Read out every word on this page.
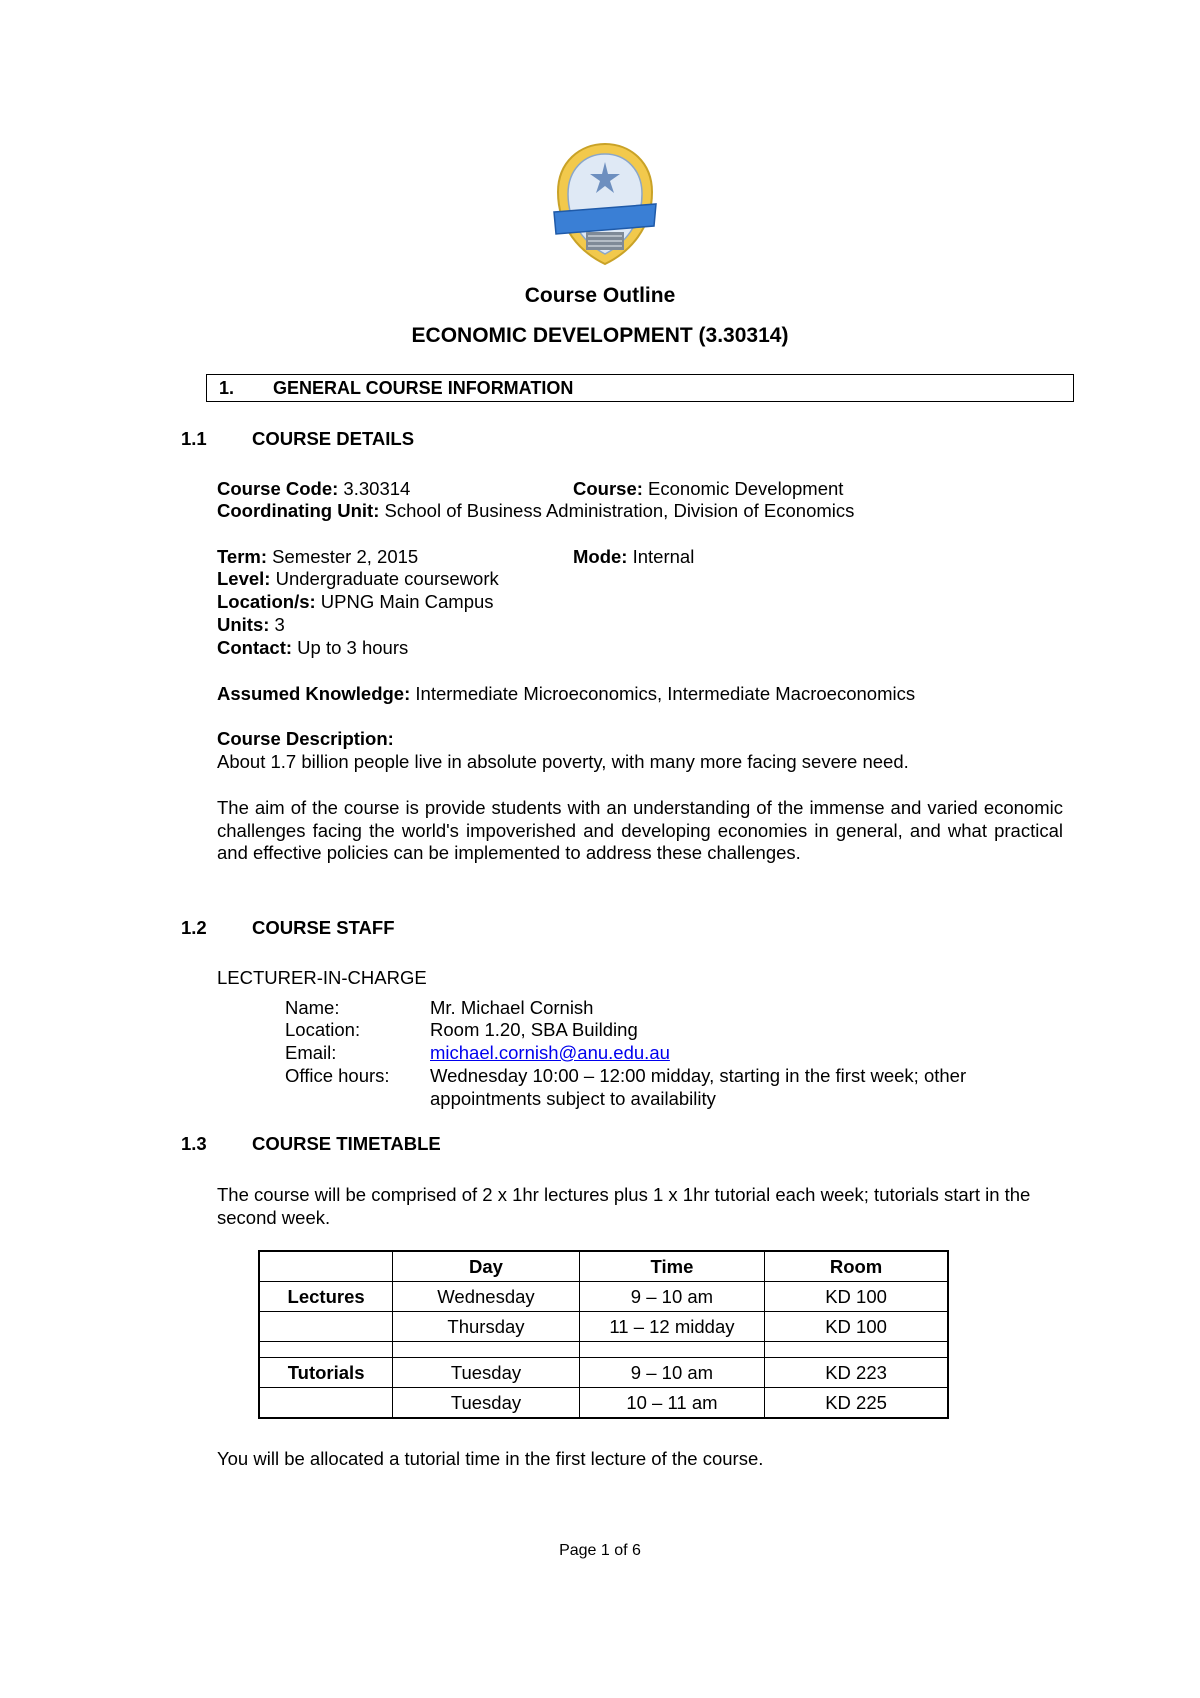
Course Outline
ECONOMIC DEVELOPMENT (3.30314)
1. GENERAL COURSE INFORMATION
1.1 COURSE DETAILS
Course Code: 3.30314	Course: Economic Development
Coordinating Unit: School of Business Administration, Division of Economics
Term: Semester 2, 2015	Mode: Internal
Level: Undergraduate coursework
Location/s: UPNG Main Campus
Units: 3
Contact: Up to 3 hours
Assumed Knowledge: Intermediate Microeconomics, Intermediate Macroeconomics
Course Description:
About 1.7 billion people live in absolute poverty, with many more facing severe need.
The aim of the course is provide students with an understanding of the immense and varied economic challenges facing the world's impoverished and developing economies in general, and what practical and effective policies can be implemented to address these challenges.
1.2 COURSE STAFF
LECTURER-IN-CHARGE
Name:	Mr. Michael Cornish
Location:	Room 1.20, SBA Building
Email:	michael.cornish@anu.edu.au
Office hours: Wednesday 10:00 – 12:00 midday, starting in the first week; other
appointments subject to availability
1.3 COURSE TIMETABLE
The course will be comprised of 2 x 1hr lectures plus 1 x 1hr tutorial each week; tutorials start in the second week.
	Day	Time	Room
Lectures	Wednesday	9 – 10 am	KD 100
	Thursday	11 – 12 midday	KD 100

Tutorials	Tuesday	9 – 10 am	KD 223
	Tuesday	10 – 11 am	KD 225
You will be allocated a tutorial time in the first lecture of the course.
Page 1 of 6
